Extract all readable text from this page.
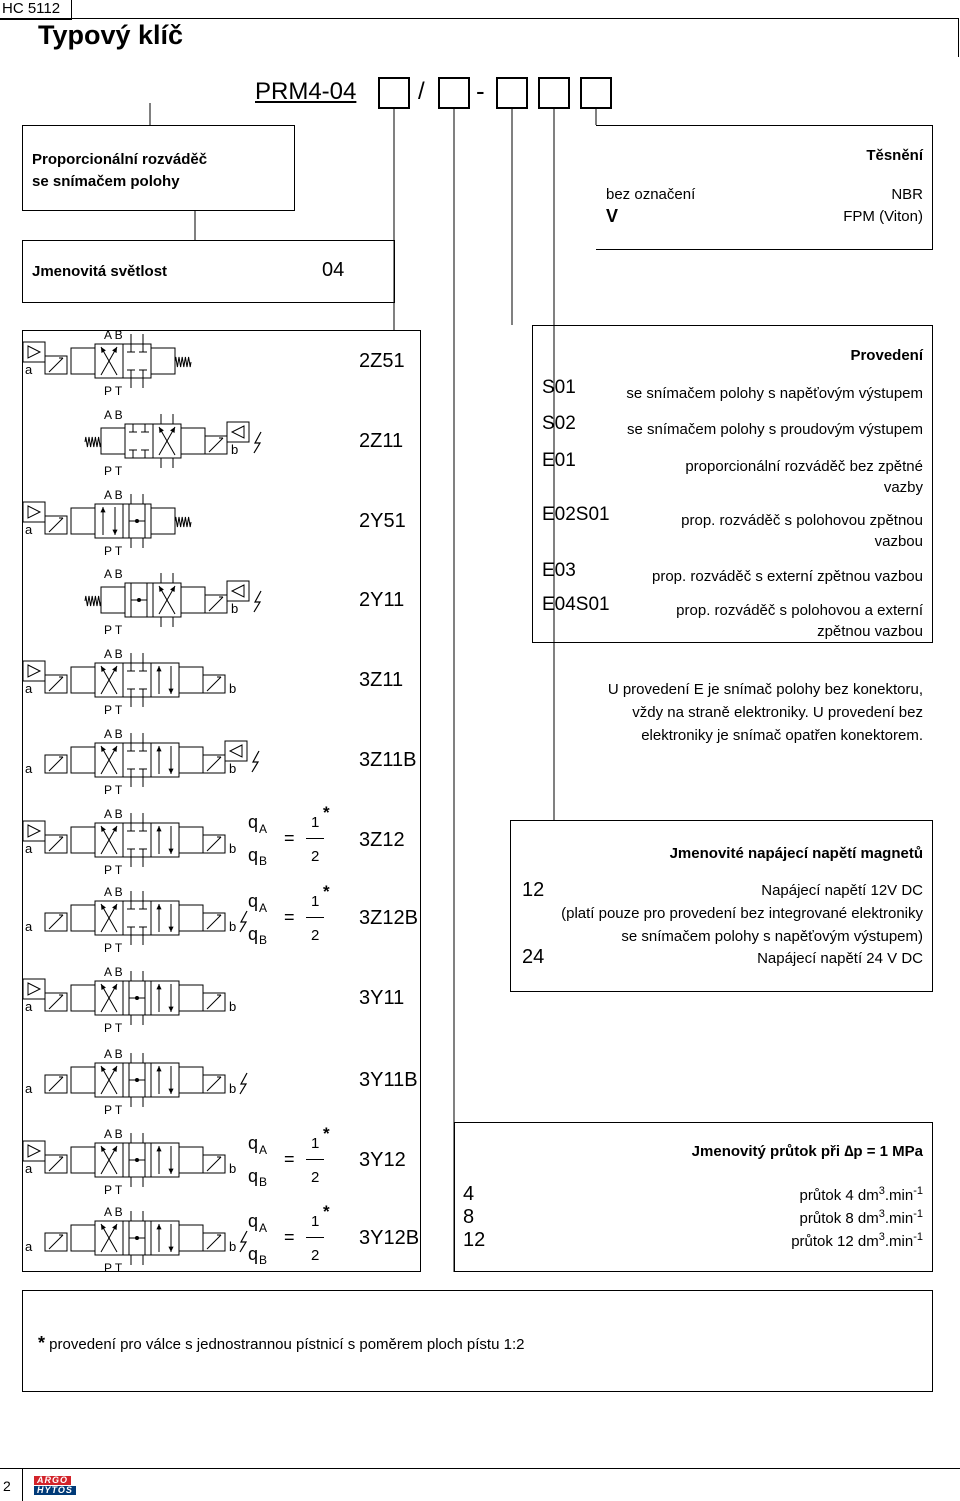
HC 5112
Typový klíč
PRM4-04	/ -
Proporcionální rozváděč
se snímačem polohy
Těsnění
bez označení	NBR
V	FPM (Viton)
Jmenovitá světlost	04
A B
P T
a
A B
P T
b
A B
P T
a
A B
P T
b
A B
P T
a	b
A B
P T
a	b
A B
P T
a	b
A B
P T
a	b
A B
P T
a	b
A B
P T
a	b
A B
P T
a	b
A B
P T
a	b
2Z51
2Z11
2Y51
2Y11
3Z11
3Z11B
3Z12
3Z12B
3Y11
3Y11B
3Y12
3Y12B
q A
q B
=
1
2
*
q A
q B
=
1
2
*
q A
q B
=
1
2
*
q A
q B
=
1
2
*
Provedení
S01	se snímačem polohy s napěťovým výstupem
S02	se snímačem polohy s proudovým výstupem
E01	proporcionální rozváděč bez zpětné
vazby
E02S01	prop. rozváděč s polohovou zpětnou
vazbou
E03	prop. rozváděč s externí zpětnou vazbou
E04S01	prop. rozváděč s polohovou a externí
zpětnou vazbou
U provedení E je snímač polohy bez konektoru,
vždy na straně elektroniky. U provedení bez
elektroniky je snímač opatřen konektorem.
Jmenovité napájecí napětí magnetů
12	Napájecí napětí 12V DC
(platí pouze pro provedení bez integrované elektroniky
se snímačem polohy s napěťovým výstupem)
24	Napájecí napětí 24 V DC
Jmenovitý průtok při ∆p = 1 MPa
4	průtok 4 $dm^3.\min^{-1}$
8	průtok 8 $dm^3.\min^{-1}$
12	průtok 12 $dm^3.\min^{-1}$
* provedení pro válce s jednostrannou pístnicí s poměrem ploch pístu 1:2
2	ARGO
HYTOS
